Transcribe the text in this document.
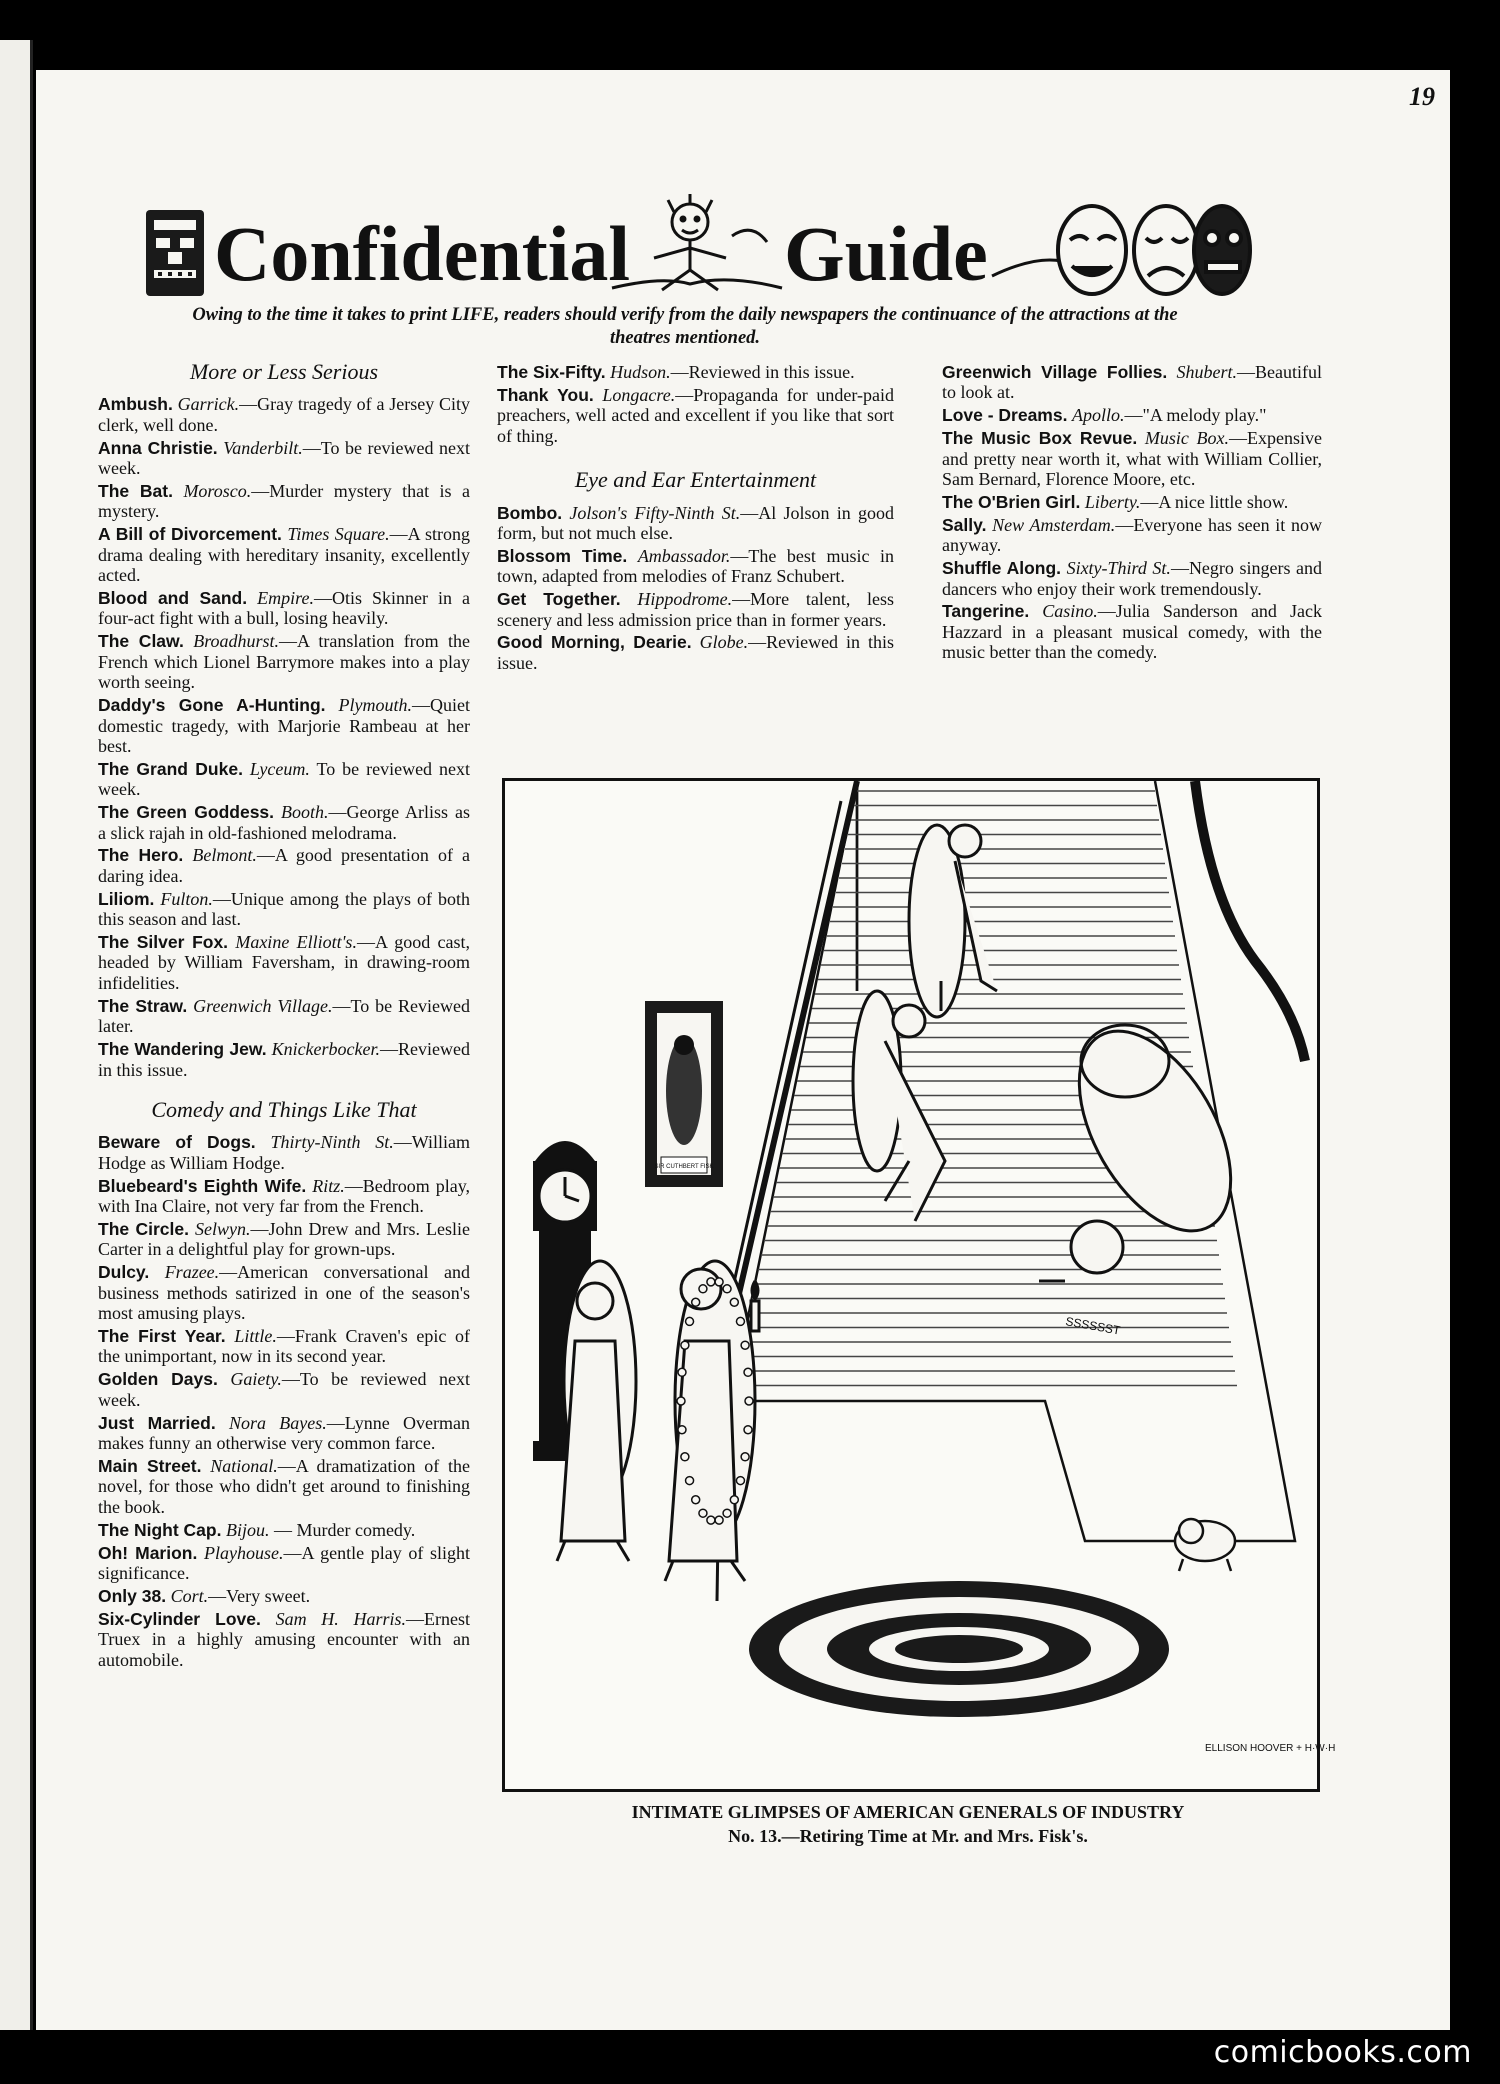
19
Confidential Guide
Owing to the time it takes to print LIFE, readers should verify from the daily newspapers the continuance of the attractions at the theatres mentioned.
More or Less Serious
Ambush. Garrick.—Gray tragedy of a Jersey City clerk, well done.
Anna Christie. Vanderbilt.—To be reviewed next week.
The Bat. Morosco.—Murder mystery that is a mystery.
A Bill of Divorcement. Times Square.—A strong drama dealing with hereditary insanity, excellently acted.
Blood and Sand. Empire.—Otis Skinner in a four-act fight with a bull, losing heavily.
The Claw. Broadhurst.—A translation from the French which Lionel Barrymore makes into a play worth seeing.
Daddy's Gone A-Hunting. Plymouth.—Quiet domestic tragedy, with Marjorie Rambeau at her best.
The Grand Duke. Lyceum. To be reviewed next week.
The Green Goddess. Booth.—George Arliss as a slick rajah in old-fashioned melodrama.
The Hero. Belmont.—A good presentation of a daring idea.
Liliom. Fulton.—Unique among the plays of both this season and last.
The Silver Fox. Maxine Elliott's.—A good cast, headed by William Faversham, in drawing-room infidelities.
The Straw. Greenwich Village.—To be Reviewed later.
The Wandering Jew. Knickerbocker.—Reviewed in this issue.
Comedy and Things Like That
Beware of Dogs. Thirty-Ninth St.—William Hodge as William Hodge.
Bluebeard's Eighth Wife. Ritz.—Bedroom play, with Ina Claire, not very far from the French.
The Circle. Selwyn.—John Drew and Mrs. Leslie Carter in a delightful play for grown-ups.
Dulcy. Frazee.—American conversational and business methods satirized in one of the season's most amusing plays.
The First Year. Little.—Frank Craven's epic of the unimportant, now in its second year.
Golden Days. Gaiety.—To be reviewed next week.
Just Married. Nora Bayes.—Lynne Overman makes funny an otherwise very common farce.
Main Street. National.—A dramatization of the novel, for those who didn't get around to finishing the book.
The Night Cap. Bijou. — Murder comedy.
Oh! Marion. Playhouse.—A gentle play of slight significance.
Only 38. Cort.—Very sweet.
Six-Cylinder Love. Sam H. Harris.—Ernest Truex in a highly amusing encounter with an automobile.
The Six-Fifty. Hudson.—Reviewed in this issue.
Thank You. Longacre.—Propaganda for under-paid preachers, well acted and excellent if you like that sort of thing.
Eye and Ear Entertainment
Bombo. Jolson's Fifty-Ninth St.—Al Jolson in good form, but not much else.
Blossom Time. Ambassador.—The best music in town, adapted from melodies of Franz Schubert.
Get Together. Hippodrome.—More talent, less scenery and less admission price than in former years.
Good Morning, Dearie. Globe.—Reviewed in this issue.
Greenwich Village Follies. Shubert.—Beautiful to look at.
Love - Dreams. Apollo.—"A melody play."
The Music Box Revue. Music Box.—Expensive and pretty near worth it, what with William Collier, Sam Bernard, Florence Moore, etc.
The O'Brien Girl. Liberty.—A nice little show.
Sally. New Amsterdam.—Everyone has seen it now anyway.
Shuffle Along. Sixty-Third St.—Negro singers and dancers who enjoy their work tremendously.
Tangerine. Casino.—Julia Sanderson and Jack Hazzard in a pleasant musical comedy, with the music better than the comedy.
SIR CUTHBERT FISK
SSSSSST
ELLISON HOOVER + H·W·H
INTIMATE GLIMPSES OF AMERICAN GENERALS OF INDUSTRY
No. 13.—Retiring Time at Mr. and Mrs. Fisk's.
comicbooks.com
